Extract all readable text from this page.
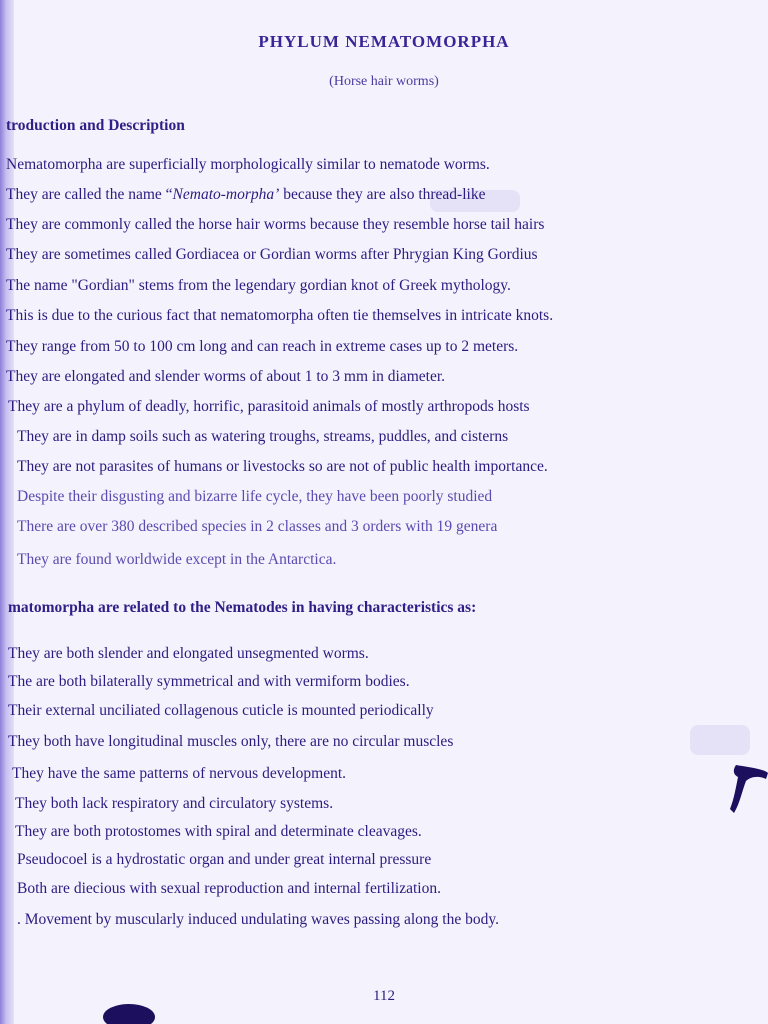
PHYLUM NEMATOMORPHA
(Horse hair worms)
troduction and Description
Nematomorpha are superficially morphologically similar to nematode worms.
They are called the name “Nemato-morpha’ because they are also thread-like
They are commonly called the horse hair worms because they resemble horse tail hairs
They are sometimes called Gordiacea or Gordian worms after Phrygian King Gordius
The name "Gordian" stems from the legendary gordian knot of Greek mythology.
This is due to the curious fact that nematomorpha often tie themselves in intricate knots.
They range from 50 to 100 cm long and can reach in extreme cases up to 2 meters.
They are elongated and slender worms of about 1 to 3 mm in diameter.
They are a phylum of deadly, horrific, parasitoid animals of mostly arthropods hosts
They are in damp soils such as watering troughs, streams, puddles, and cisterns
They are not parasites of humans or livestocks so are not of public health importance.
Despite their disgusting and bizarre life cycle, they have been poorly studied
There are over 380 described species in 2 classes and 3 orders with 19 genera
They are found worldwide except in the Antarctica.
matomorpha are related to the Nematodes in having characteristics as:
They are both slender and elongated unsegmented worms.
The are both bilaterally symmetrical and with vermiform bodies.
Their external unciliated collagenous cuticle is mounted periodically
They both have longitudinal muscles only, there are no circular muscles
They have the same patterns of nervous development.
They both lack respiratory and circulatory systems.
They are both protostomes with spiral and determinate cleavages.
Pseudocoel is a hydrostatic organ and under great internal pressure
Both are diecious with sexual reproduction and internal fertilization.
. Movement by muscularly induced undulating waves passing along the body.
112
